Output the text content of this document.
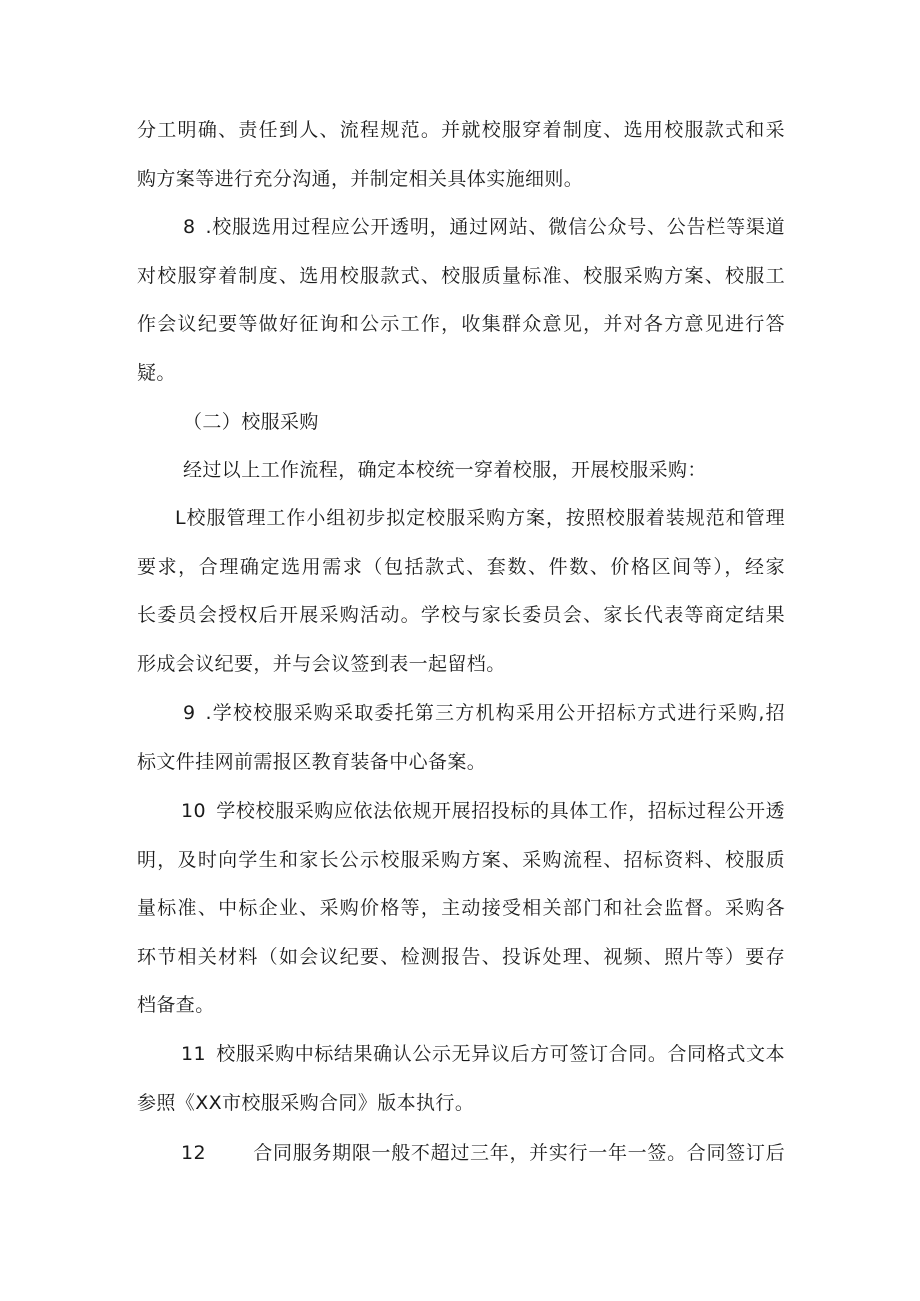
分工明确、责任到人、流程规范。并就校服穿着制度、选用校服款式和采
购方案等进行充分沟通，并制定相关具体实施细则。
8 .校服选用过程应公开透明，通过网站、微信公众号、公告栏等渠道
对校服穿着制度、选用校服款式、校服质量标准、校服采购方案、校服工
作会议纪要等做好征询和公示工作，收集群众意见，并对各方意见进行答
疑。
（二）校服采购
经过以上工作流程，确定本校统一穿着校服，开展校服采购：
L校服管理工作小组初步拟定校服采购方案，按照校服着装规范和管理
要求，合理确定选用需求（包括款式、套数、件数、价格区间等），经家
长委员会授权后开展采购活动。学校与家长委员会、家长代表等商定结果
形成会议纪要，并与会议签到表一起留档。
9 .学校校服采购采取委托第三方机构采用公开招标方式进行采购,招
标文件挂网前需报区教育装备中心备案。
10 学校校服采购应依法依规开展招投标的具体工作，招标过程公开透
明，及时向学生和家长公示校服采购方案、采购流程、招标资料、校服质
量标准、中标企业、采购价格等，主动接受相关部门和社会监督。采购各
环节相关材料（如会议纪要、检测报告、投诉处理、视频、照片等）要存
档备查。
11 校服采购中标结果确认公示无异议后方可签订合同。合同格式文本
参照《XX市校服采购合同》版本执行。
12 合同服务期限一般不超过三年，并实行一年一签。合同签订后
